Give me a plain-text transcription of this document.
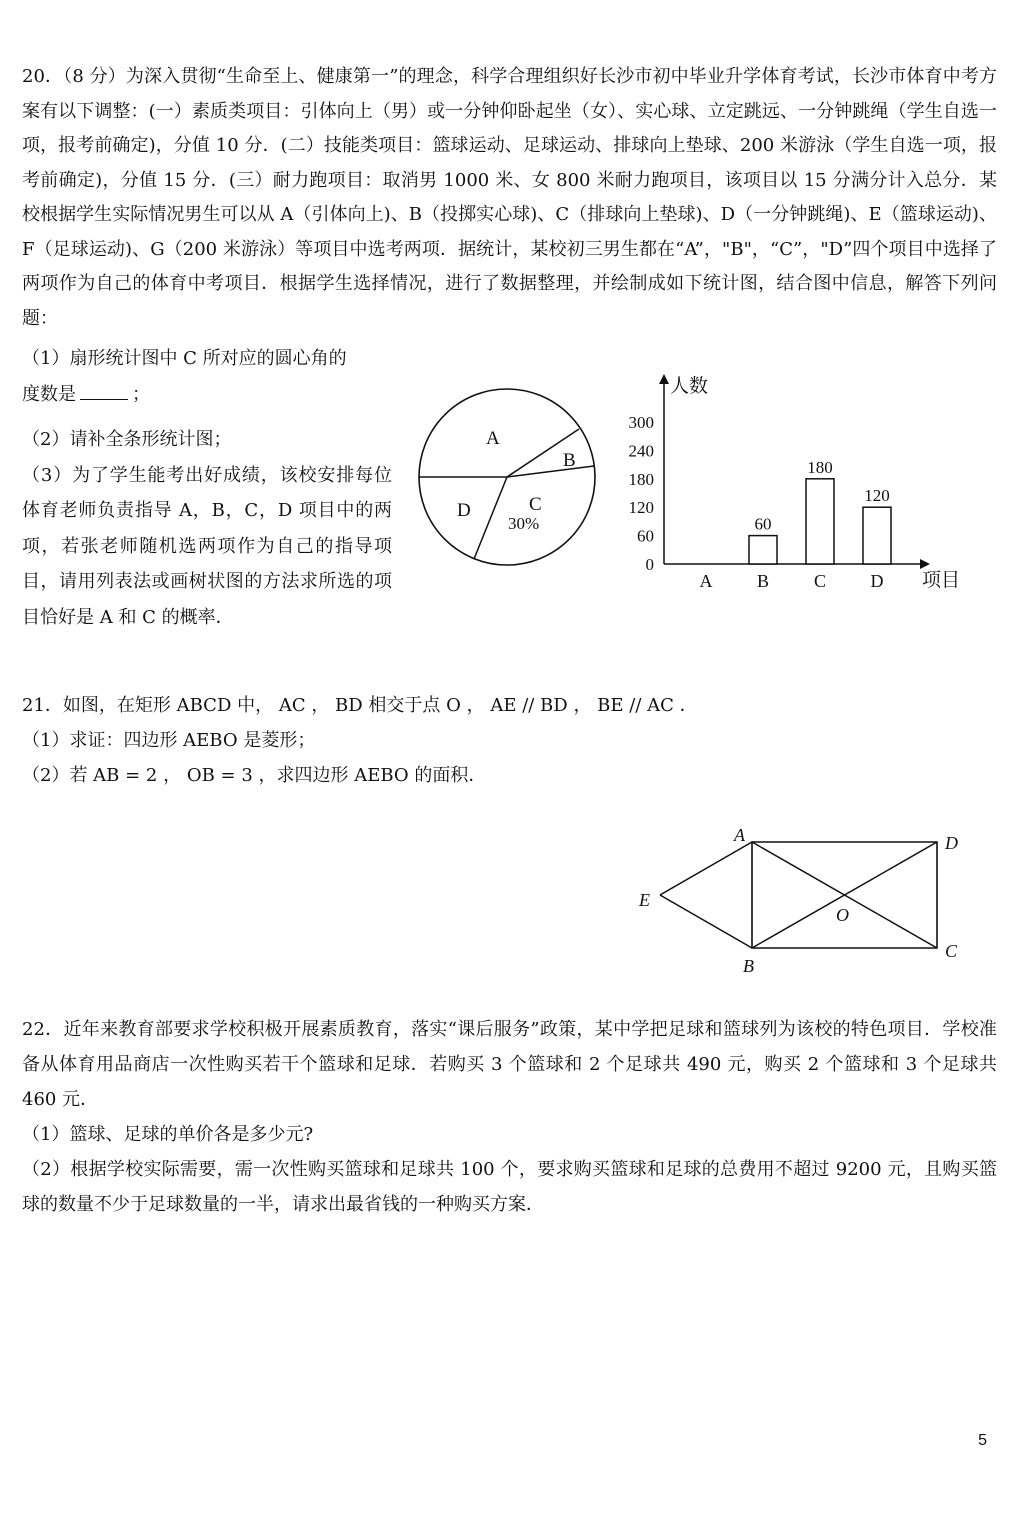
20．（8 分）为深入贯彻“生命至上、健康第一”的理念，科学合理组织好长沙市初中毕业升学体育考试，长沙市体育中考方案有以下调整：(一）素质类项目：引体向上（男）或一分钟仰卧起坐（女）、实心球、立定跳远、一分钟跳绳（学生自选一项，报考前确定)，分值 10 分．(二）技能类项目：篮球运动、足球运动、排球向上垫球、200 米游泳（学生自选一项，报考前确定)，分值 15 分．(三）耐力跑项目：取消男 1000 米、女 800 米耐力跑项目，该项目以 15 分满分计入总分．某校根据学生实际情况男生可以从 A（引体向上)、B（投掷实心球)、C（排球向上垫球)、D（一分钟跳绳)、E（篮球运动)、F（足球运动)、G（200 米游泳）等项目中选考两项．据统计，某校初三男生都在“A”，"B"，“C”，"D”四个项目中选择了两项作为自己的体育中考项目．根据学生选择情况，进行了数据整理，并绘制成如下统计图，结合图中信息，解答下列问题：

（1）扇形统计图中 C 所对应的圆心角的

度数是	；

（2）请补全条形统计图；

（3）为了学生能考出好成绩，该校安排每位体育老师负责指导 A，B，C，D 项目中的两项，若张老师随机选两项作为自己的指导项目，请用列表法或画树状图的方法求所选的项目恰好是 A 和 C 的概率．

A
B
C
30%
D
人数
项目
0
60
120
180
240
300
A B C D
60
180
120

21．如图，在矩形 ABCD 中， AC ， BD 相交于点 O ， AE // BD ， BE // AC ．

（1）求证：四边形 AEBO 是菱形；

（2）若 AB = 2 ， OB = 3 ，求四边形 AEBO 的面积．

A
B
C
D
E
O

22．近年来教育部要求学校积极开展素质教育，落实“课后服务”政策，某中学把足球和篮球列为该校的特色项目．学校准备从体育用品商店一次性购买若干个篮球和足球．若购买 3 个篮球和 2 个足球共 490 元，购买 2 个篮球和 3 个足球共 460 元．

（1）篮球、足球的单价各是多少元?

（2）根据学校实际需要，需一次性购买篮球和足球共 100 个，要求购买篮球和足球的总费用不超过 9200 元，且购买篮球的数量不少于足球数量的一半，请求出最省钱的一种购买方案．

5
